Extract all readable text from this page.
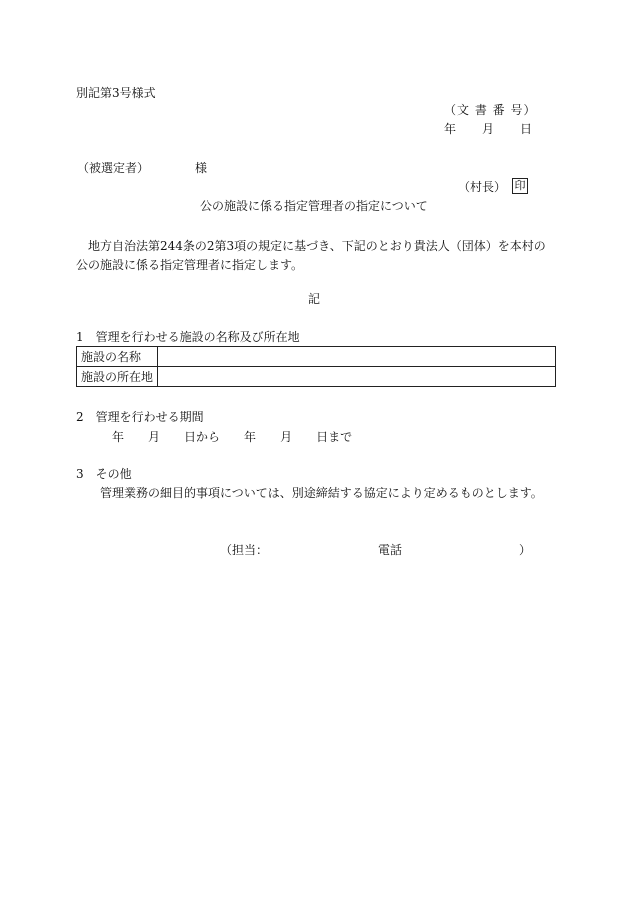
別記第3号様式
（文 書 番 号）
年 月 日
（被選定者）	様
（村長） 印
公の施設に係る指定管理者の指定について
地方自治法第244条の2第3項の規定に基づき、下記のとおり貴法人（団体）を本村の公の施設に係る指定管理者に指定します。
記
1　管理を行わせる施設の名称及び所在地
施設の名称	
施設の所在地	
2　管理を行わせる期間
年 月 日から 年 月 日まで
3　その他
管理業務の細目的事項については、別途締結する協定により定めるものとします。
（担当：	電話	）
